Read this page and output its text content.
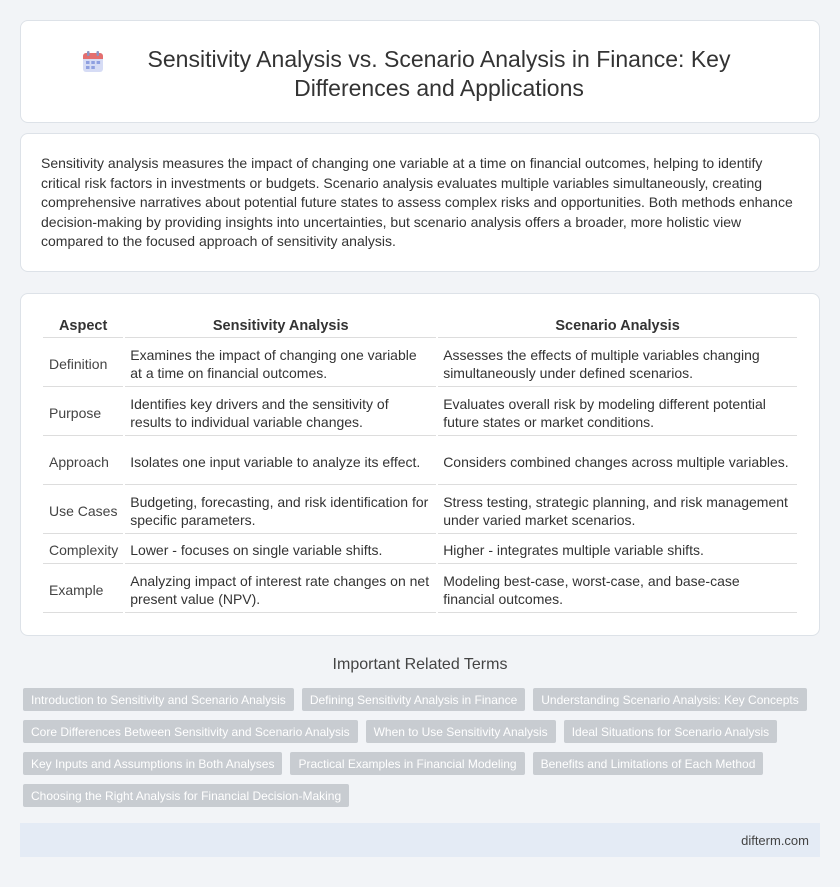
Sensitivity Analysis vs. Scenario Analysis in Finance: Key Differences and Applications

Sensitivity analysis measures the impact of changing one variable at a time on financial outcomes, helping to identify critical risk factors in investments or budgets. Scenario analysis evaluates multiple variables simultaneously, creating comprehensive narratives about potential future states to assess complex risks and opportunities. Both methods enhance decision-making by providing insights into uncertainties, but scenario analysis offers a broader, more holistic view compared to the focused approach of sensitivity analysis.

Aspect	Sensitivity Analysis	Scenario Analysis
Definition	Examines the impact of changing one variable at a time on financial outcomes.	Assesses the effects of multiple variables changing simultaneously under defined scenarios.
Purpose	Identifies key drivers and the sensitivity of results to individual variable changes.	Evaluates overall risk by modeling different potential future states or market conditions.
Approach	Isolates one input variable to analyze its effect.	Considers combined changes across multiple variables.
Use Cases	Budgeting, forecasting, and risk identification for specific parameters.	Stress testing, strategic planning, and risk management under varied market scenarios.
Complexity	Lower - focuses on single variable shifts.	Higher - integrates multiple variable shifts.
Example	Analyzing impact of interest rate changes on net present value (NPV).	Modeling best-case, worst-case, and base-case financial outcomes.
Important Related Terms
Introduction to Sensitivity and Scenario Analysis	Defining Sensitivity Analysis in Finance	Understanding Scenario Analysis: Key Concepts
Core Differences Between Sensitivity and Scenario Analysis	When to Use Sensitivity Analysis	Ideal Situations for Scenario Analysis
Key Inputs and Assumptions in Both Analyses	Practical Examples in Financial Modeling	Benefits and Limitations of Each Method
Choosing the Right Analysis for Financial Decision-Making
difterm.com
